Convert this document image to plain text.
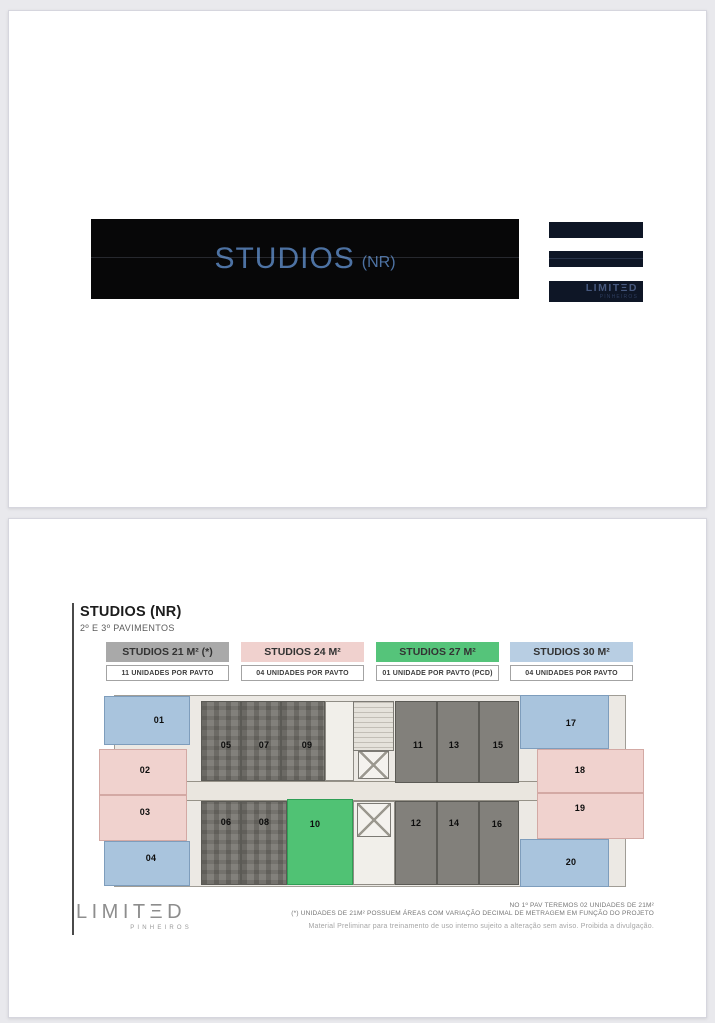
STUDIOS (NR)
LIMITΞD
PINHEIROS
STUDIOS (NR)
2º E 3º PAVIMENTOS
STUDIOS 21 M² (*)
11 UNIDADES POR PAVTO
STUDIOS 24 M²
04 UNIDADES POR PAVTO
STUDIOS 27 M²
01 UNIDADE POR PAVTO (PCD)
STUDIOS 30 M²
04 UNIDADES POR PAVTO
01
02
03
04
05	07	09
06	08	10
11	13	15
12	14	16
17
18
19
20
LIMITΞD
PINHEIROS
NO 1º PAV TEREMOS 02 UNIDADES DE 21M²
(*) UNIDADES DE 21M² POSSUEM ÁREAS COM VARIAÇÃO DECIMAL DE METRAGEM EM FUNÇÃO DO PROJETO
Material Preliminar para treinamento de uso interno sujeito a alteração sem aviso. Proibida a divulgação.
